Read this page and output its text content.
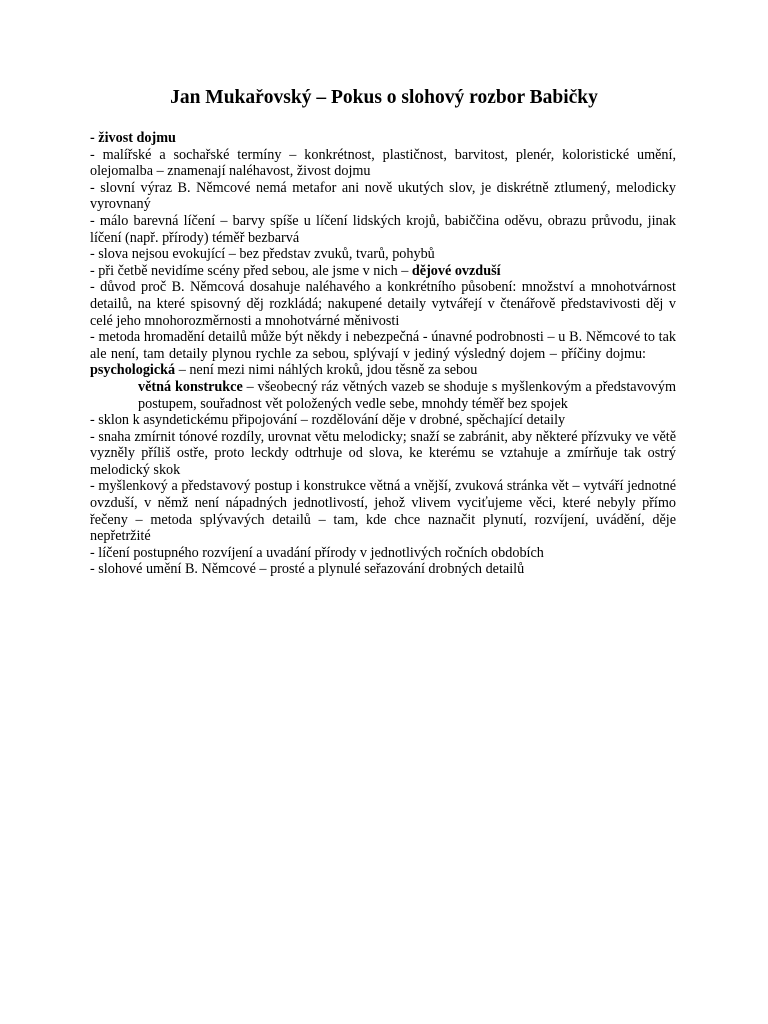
Jan Mukařovský – Pokus o slohový rozbor Babičky

- živost dojmu

- malířské a sochařské termíny – konkrétnost, plastičnost, barvitost, plenér, koloristické umění, olejomalba – znamenají naléhavost, živost dojmu

- slovní výraz B. Němcové nemá metafor ani nově ukutých slov, je diskrétně ztlumený, melodicky vyrovnaný

- málo barevná líčení – barvy spíše u líčení lidských krojů, babiččina oděvu, obrazu průvodu, jinak líčení (např. přírody) téměř bezbarvá

- slova nejsou evokující – bez představ zvuků, tvarů, pohybů

- při četbě nevidíme scény před sebou, ale jsme v nich – dějové ovzduší

- důvod proč B. Němcová dosahuje naléhavého a konkrétního působení: množství a mnohotvárnost detailů, na které spisovný děj rozkládá; nakupené detaily vytvářejí v čtenářově představivosti děj v celé jeho mnohorozměrnosti a mnohotvárné měnivosti

- metoda hromadění detailů může být někdy i nebezpečná - únavné podrobnosti – u B. Němcové to tak ale není, tam detaily plynou rychle za sebou, splývají v jediný výsledný dojem – příčiny dojmu:psychologická – není mezi nimi náhlých kroků, jdou těsně za sebou

větná konstrukce – všeobecný ráz větných vazeb se shoduje s myšlenkovým a představovým postupem, souřadnost vět položených vedle sebe, mnohdy téměř bez spojek

- sklon k asyndetickému připojování – rozdělování děje v drobné, spěchající detaily

- snaha zmírnit tónové rozdíly, urovnat větu melodicky; snaží se zabránit, aby některé přízvuky ve větě vyzněly příliš ostře, proto leckdy odtrhuje od slova, ke kterému se vztahuje a zmírňuje tak ostrý melodický skok

- myšlenkový a představový postup i konstrukce větná a vnější, zvuková stránka vět – vytváří jednotné ovzduší, v němž není nápadných jednotlivostí, jehož vlivem vyciťujeme věci, které nebyly přímo řečeny – metoda splývavých detailů – tam, kde chce naznačit plynutí, rozvíjení, uvádění, děje nepřetržité

- líčení postupného rozvíjení a uvadání přírody v jednotlivých ročních obdobích

- slohové umění B. Němcové – prosté a plynulé seřazování drobných detailů
